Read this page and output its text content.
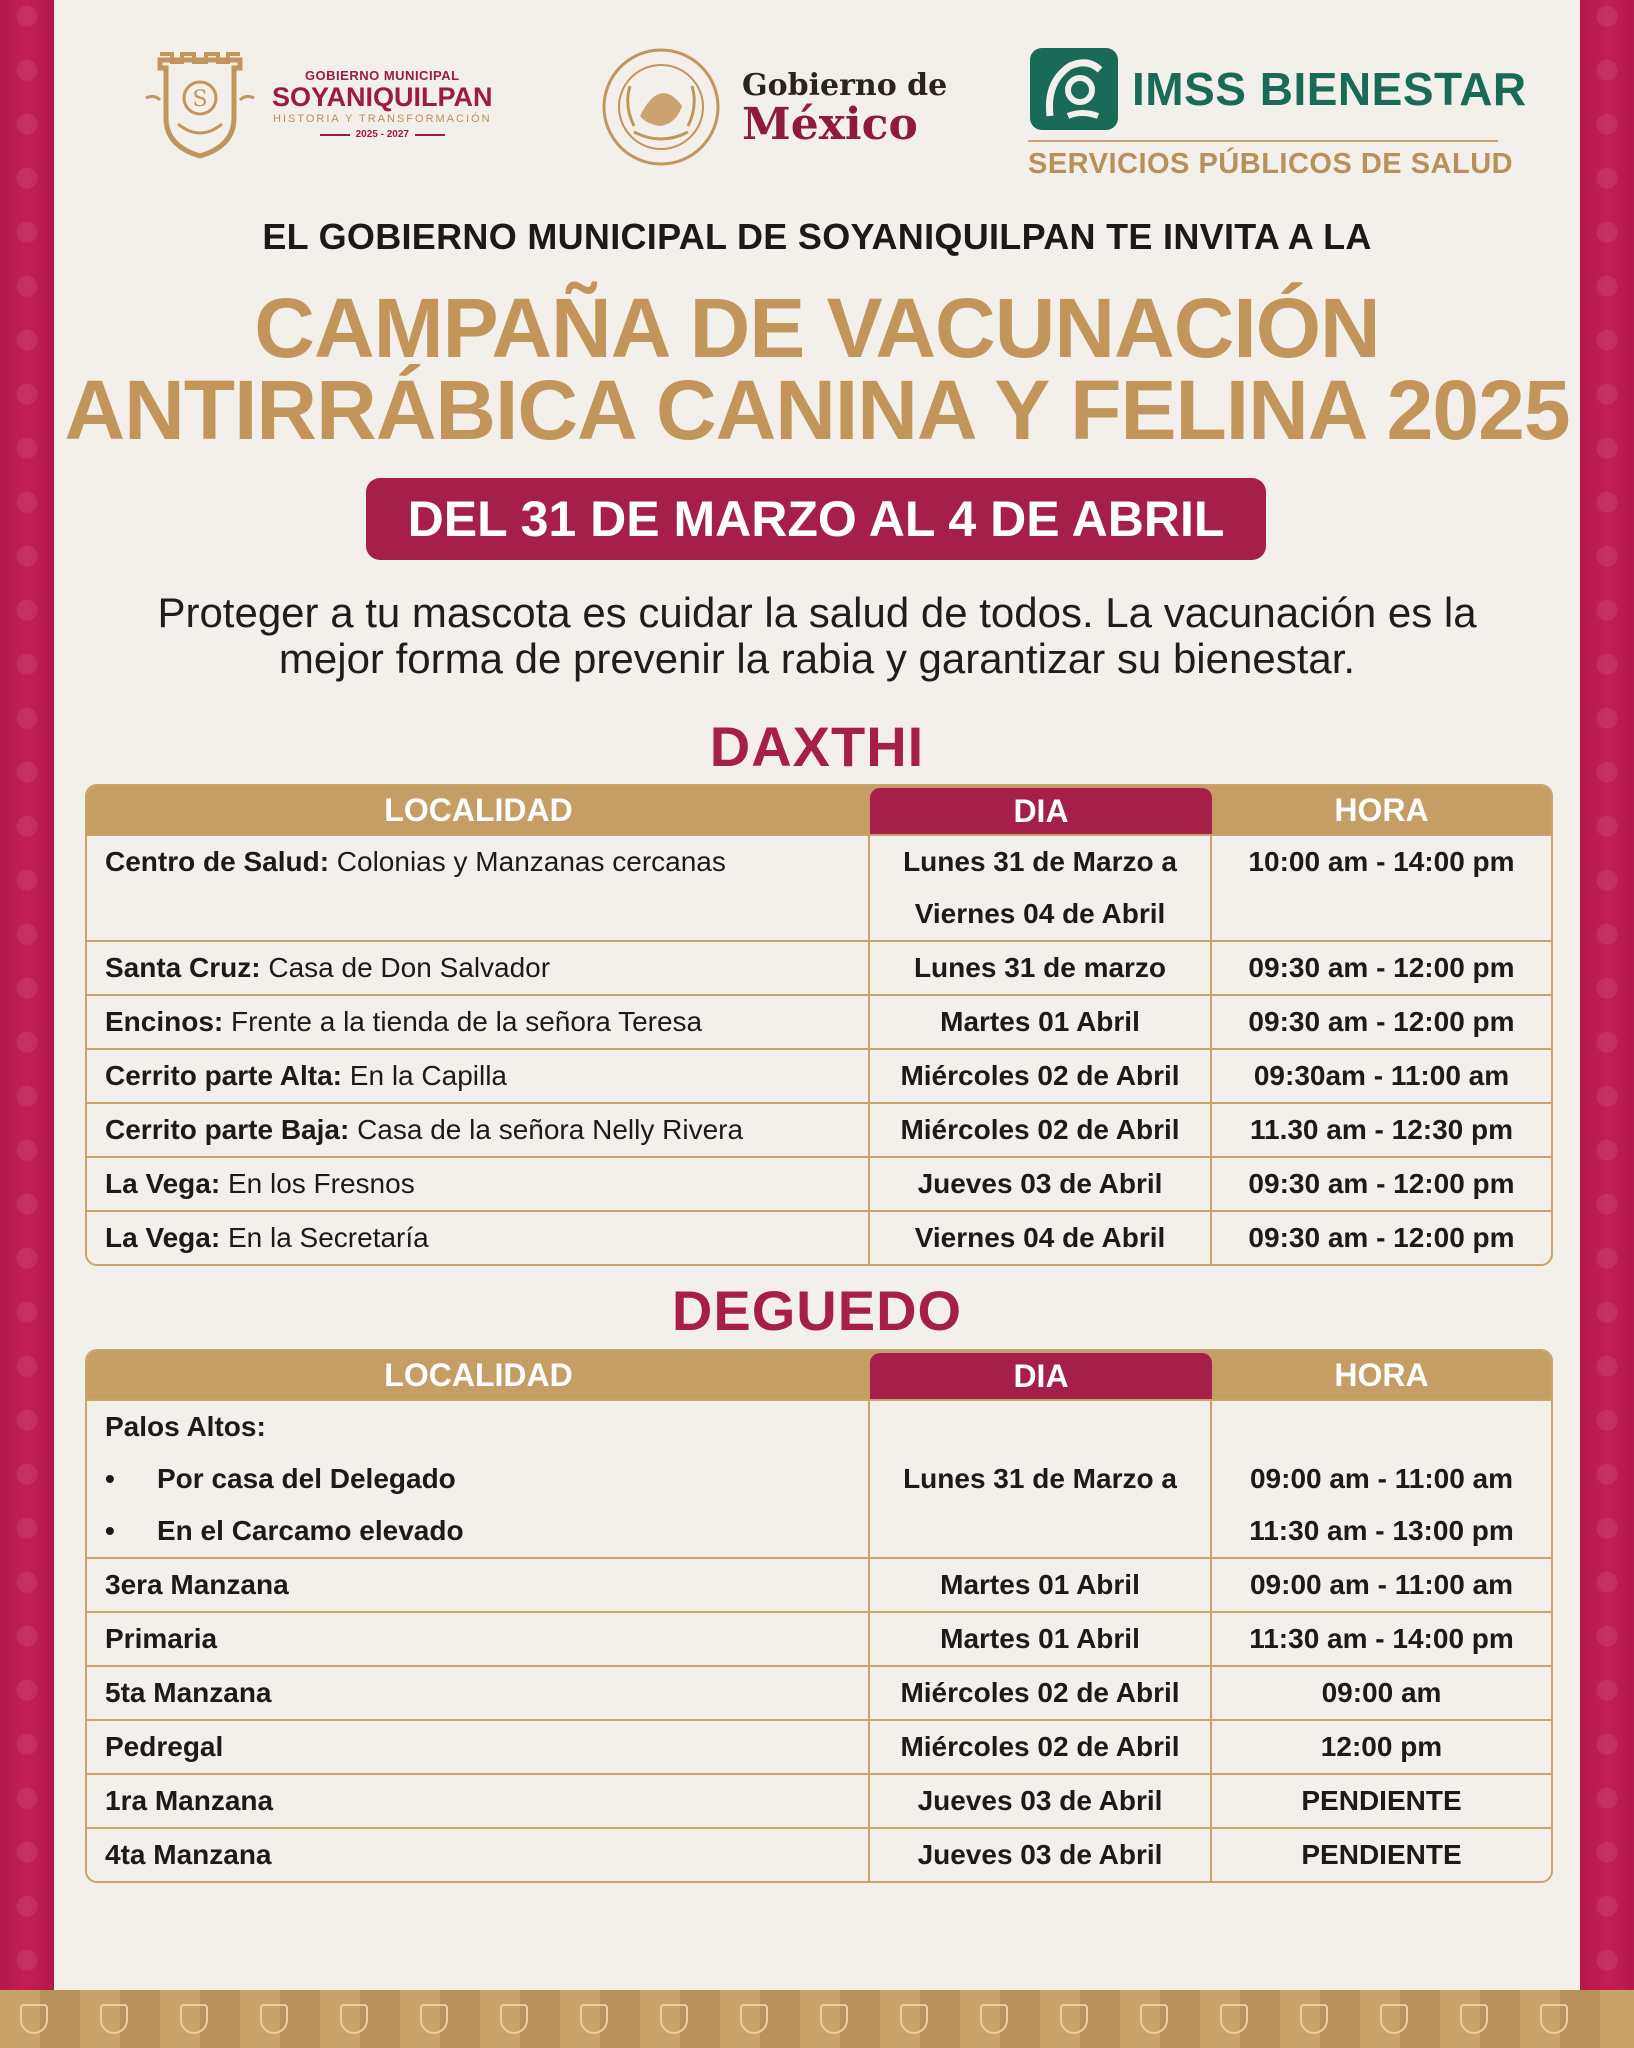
S
GOBIERNO MUNICIPAL
SOYANIQUILPAN
HISTORIA Y TRANSFORMACIÓN
2025 - 2027
Gobierno de
México
IMSS BIENESTAR
SERVICIOS PÚBLICOS DE SALUD
EL GOBIERNO MUNICIPAL DE SOYANIQUILPAN TE INVITA A LA
CAMPAÑA DE VACUNACIÓN
ANTIRRÁBICA CANINA Y FELINA 2025
DEL 31 DE MARZO AL 4 DE ABRIL
Proteger a tu mascota es cuidar la salud de todos. La vacunación es la
mejor forma de prevenir la rabia y garantizar su bienestar.
DAXTHI
LOCALIDAD	DIA	HORA
Centro de Salud: Colonias y Manzanas cercanas	Lunes 31 de Marzo a
Viernes 04 de Abril
10:00 am - 14:00 pm
Santa Cruz: Casa de Don Salvador	Lunes 31 de marzo	09:30 am - 12:00 pm
Encinos: Frente a la tienda de la señora Teresa	Martes 01 Abril	09:30 am - 12:00 pm
Cerrito parte Alta: En la Capilla	Miércoles 02 de Abril	09:30am - 11:00 am
Cerrito parte Baja: Casa de la señora Nelly Rivera	Miércoles 02 de Abril	11.30 am - 12:30 pm
La Vega: En los Fresnos	Jueves 03 de Abril	09:30 am - 12:00 pm
La Vega: En la Secretaría	Viernes 04 de Abril	09:30 am - 12:00 pm
DEGUEDO
LOCALIDAD	DIA	HORA
Palos Altos:
•	Por casa del Delegado
•	En el Carcamo elevado
Lunes 31 de Marzo a	09:00 am - 11:00 am
11:30 am - 13:00 pm
3era Manzana	Martes 01 Abril	09:00 am - 11:00 am
Primaria	Martes 01 Abril	11:30 am - 14:00 pm
5ta Manzana	Miércoles 02 de Abril	09:00 am
Pedregal	Miércoles 02 de Abril	12:00 pm
1ra Manzana	Jueves 03 de Abril	PENDIENTE
4ta Manzana	Jueves 03 de Abril	PENDIENTE
